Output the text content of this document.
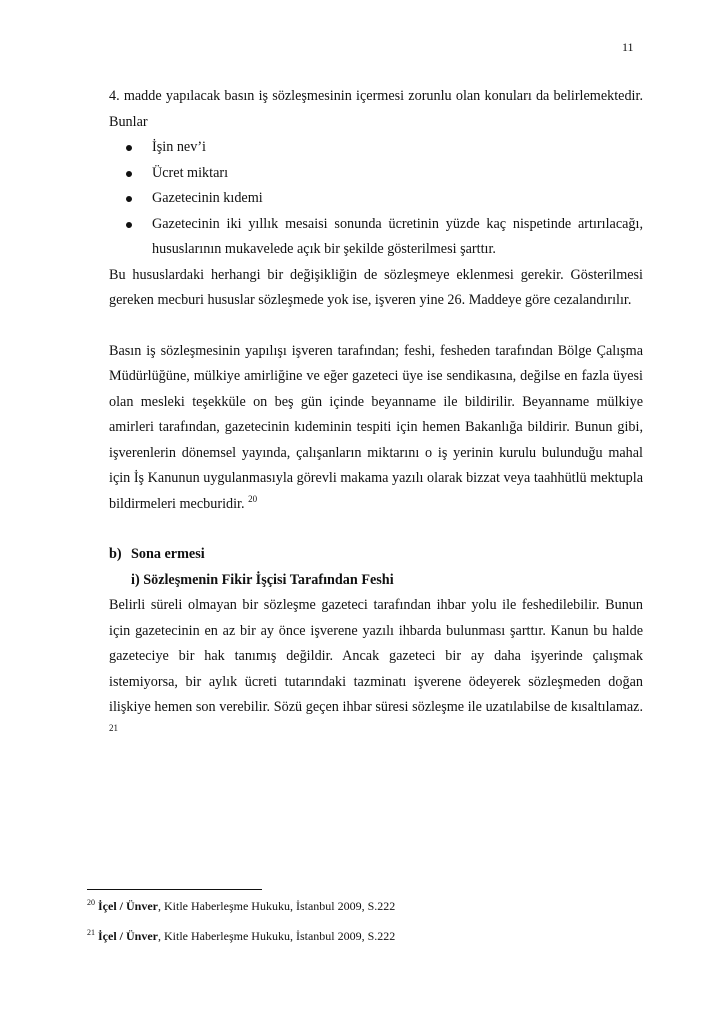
11

4. madde yapılacak basın iş sözleşmesinin içermesi zorunlu olan konuları da belirlemektedir. Bunlar

İşin nev’i
Ücret miktarı
Gazetecinin kıdemi
Gazetecinin iki yıllık mesaisi sonunda ücretinin yüzde kaç nispetinde artırılacağı, hususlarının mukavelede açık bir şekilde gösterilmesi şarttır.

Bu hususlardaki herhangi bir değişikliğin de sözleşmeye eklenmesi gerekir. Gösterilmesi gereken mecburi hususlar sözleşmede yok ise, işveren yine 26. Maddeye göre cezalandırılır.

Basın iş sözleşmesinin yapılışı işveren tarafından; feshi, fesheden tarafından Bölge Çalışma Müdürlüğüne, mülkiye amirliğine ve eğer gazeteci üye ise sendikasına, değilse en fazla üyesi olan mesleki teşekküle on beş gün içinde beyanname ile bildirilir. Beyanname mülkiye amirleri tarafından, gazetecinin kıdeminin tespiti için hemen Bakanlığa bildirir. Bunun gibi, işverenlerin dönemsel yayında, çalışanların miktarını o iş yerinin kurulu bulunduğu mahal için İş Kanunun uygulanmasıyla görevli makama yazılı olarak bizzat veya taahhütlü mektupla bildirmeleri mecburidir. $^{20}$

b) Sona ermesi
i) Sözleşmenin Fikir İşçisi Tarafından Feshi

Belirli süreli olmayan bir sözleşme gazeteci tarafından ihbar yolu ile feshedilebilir. Bunun için gazetecinin en az bir ay önce işverene yazılı ihbarda bulunması şarttır. Kanun bu halde gazeteciye bir hak tanımış değildir. Ancak gazeteci bir ay daha işyerinde çalışmak istemiyorsa, bir aylık ücreti tutarındaki tazminatı işverene ödeyerek sözleşmeden doğan ilişkiye hemen son verebilir. Sözü geçen ihbar süresi sözleşme ile uzatılabilse de kısaltılamaz. $^{21}$

$^{20}$ İçel / Ünver, Kitle Haberleşme Hukuku, İstanbul 2009, S.222
$^{21}$ İçel / Ünver, Kitle Haberleşme Hukuku, İstanbul 2009, S.222
